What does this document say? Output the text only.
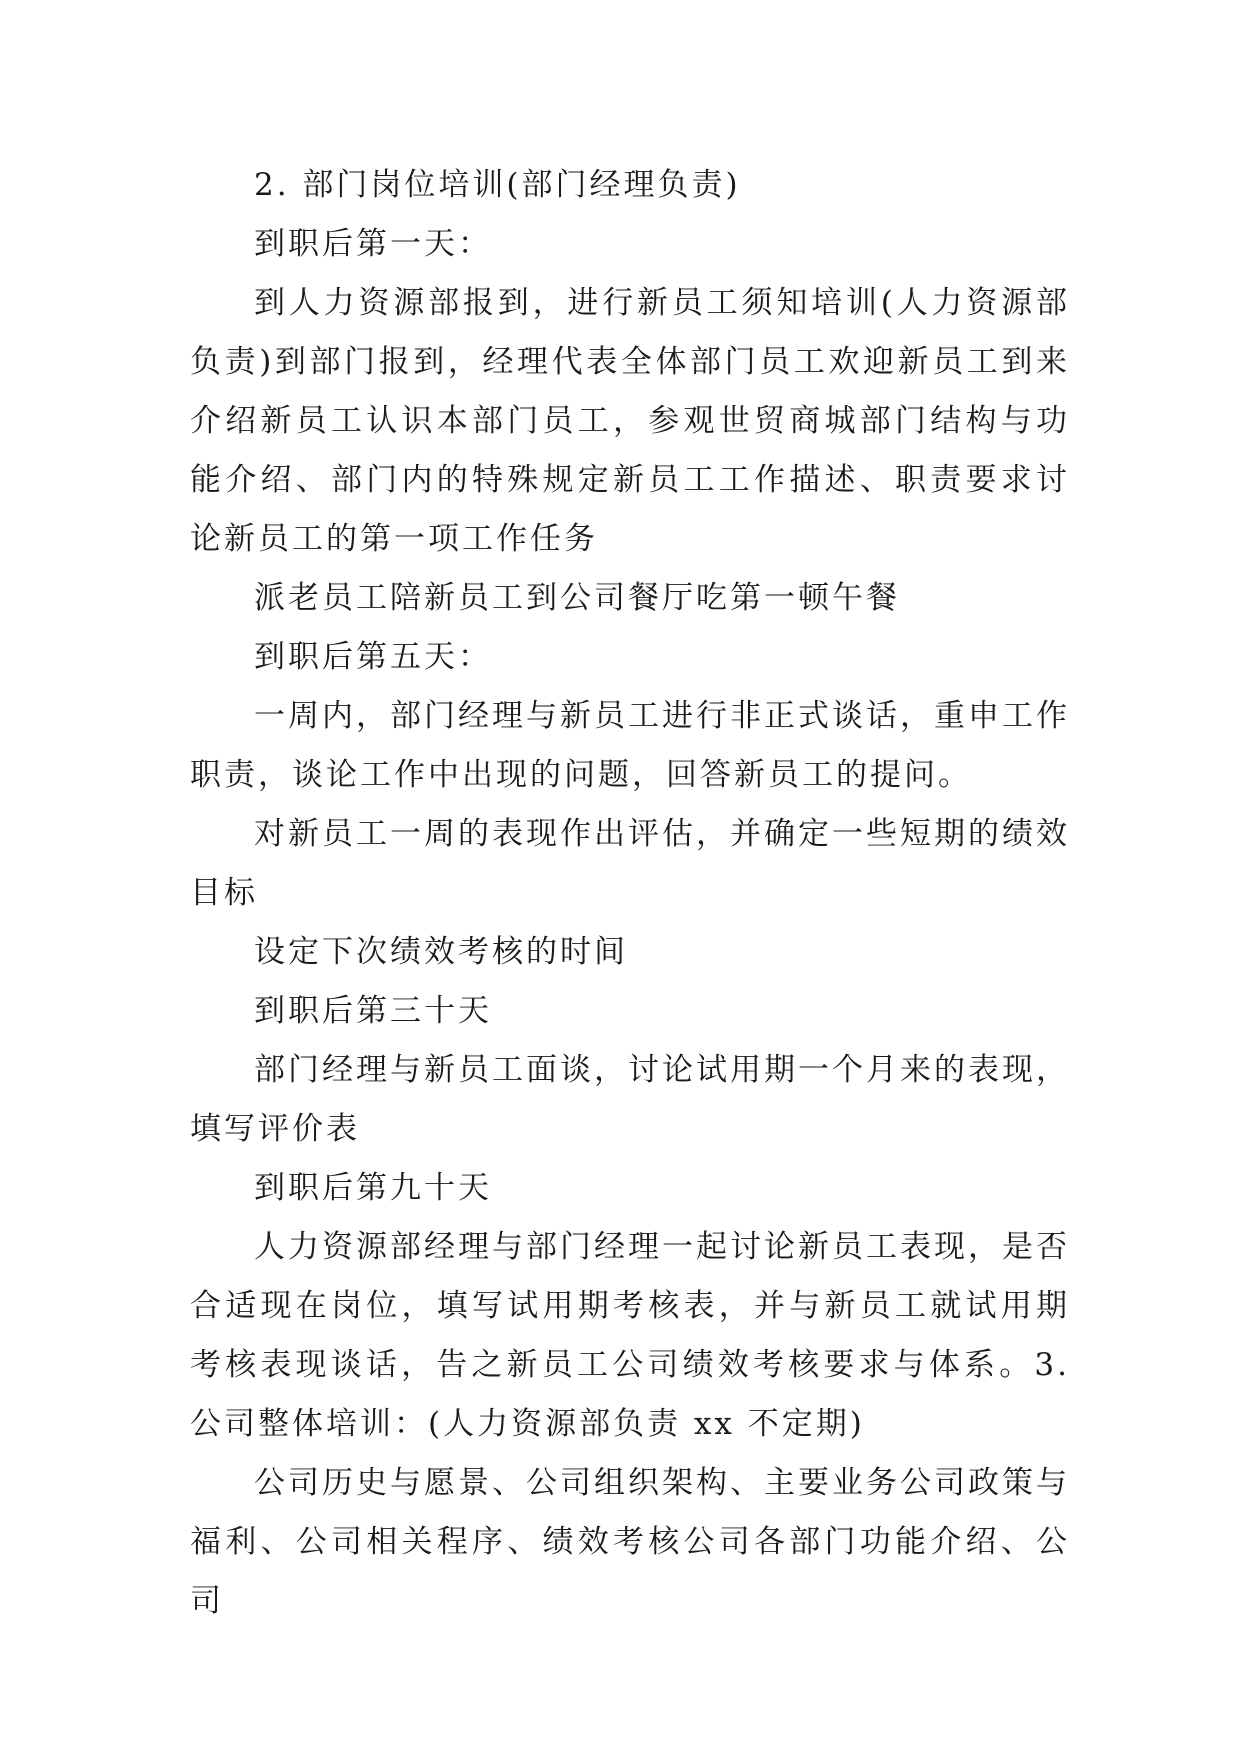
2. 部门岗位培训(部门经理负责)

到职后第一天：

到人力资源部报到，进行新员工须知培训(人力资源部负责)到部门报到，经理代表全体部门员工欢迎新员工到来介绍新员工认识本部门员工，参观世贸商城部门结构与功能介绍、部门内的特殊规定新员工工作描述、职责要求讨论新员工的第一项工作任务

派老员工陪新员工到公司餐厅吃第一顿午餐

到职后第五天：

一周内，部门经理与新员工进行非正式谈话，重申工作职责，谈论工作中出现的问题，回答新员工的提问。

对新员工一周的表现作出评估，并确定一些短期的绩效目标

设定下次绩效考核的时间

到职后第三十天

部门经理与新员工面谈，讨论试用期一个月来的表现，填写评价表

到职后第九十天

人力资源部经理与部门经理一起讨论新员工表现，是否合适现在岗位，填写试用期考核表，并与新员工就试用期考核表现谈话，告之新员工公司绩效考核要求与体系。3. 公司整体培训：(人力资源部负责 xx 不定期)

公司历史与愿景、公司组织架构、主要业务公司政策与福利、公司相关程序、绩效考核公司各部门功能介绍、公司
